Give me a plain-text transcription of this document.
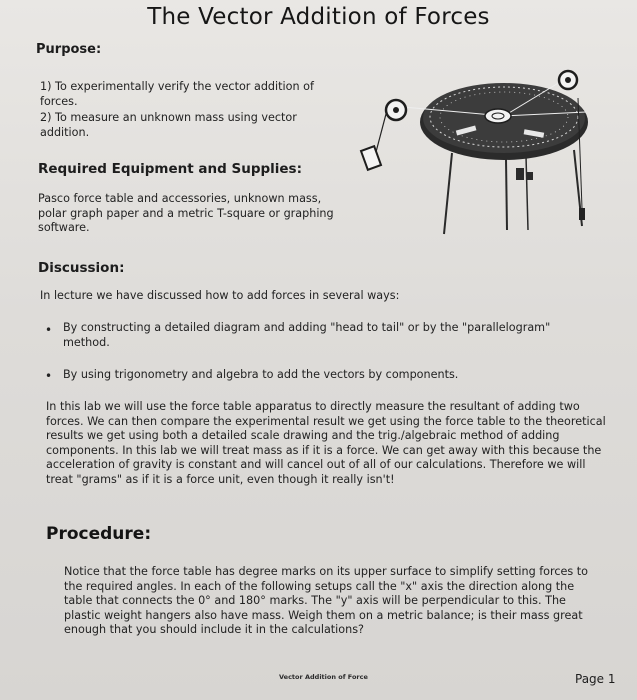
The Vector Addition of Forces
Purpose:

1) To experimentally verify the vector addition of forces.

2) To measure an unknown mass using vector addition.

Required Equipment and Supplies:

Pasco force table and accessories, unknown mass, polar graph paper and a metric T-square or graphing software.

Discussion:

In lecture we have discussed how to add forces in several ways:

• By constructing a detailed diagram and adding "head to tail" or by the "parallelogram" method.

• By using trigonometry and algebra to add the vectors by components.

In this lab we will use the force table apparatus to directly measure the resultant of adding two forces. We can then compare the experimental result we get using the force table to the theoretical results we get using both a detailed scale drawing and the trig./algebraic method of adding components. In this lab we will treat mass as if it is a force. We can get away with this because the acceleration of gravity is constant and will cancel out of all of our calculations. Therefore we will treat "grams" as if it is a force unit, even though it really isn't!

Procedure:

Notice that the force table has degree marks on its upper surface to simplify setting forces to the required angles. In each of the following setups call the "x" axis the direction along the table that connects the 0° and 180° marks. The "y" axis will be perpendicular to this. The plastic weight hangers also have mass. Weigh them on a metric balance; is their mass great enough that you should include it in the calculations?

Vector Addition of Force	Page 1
